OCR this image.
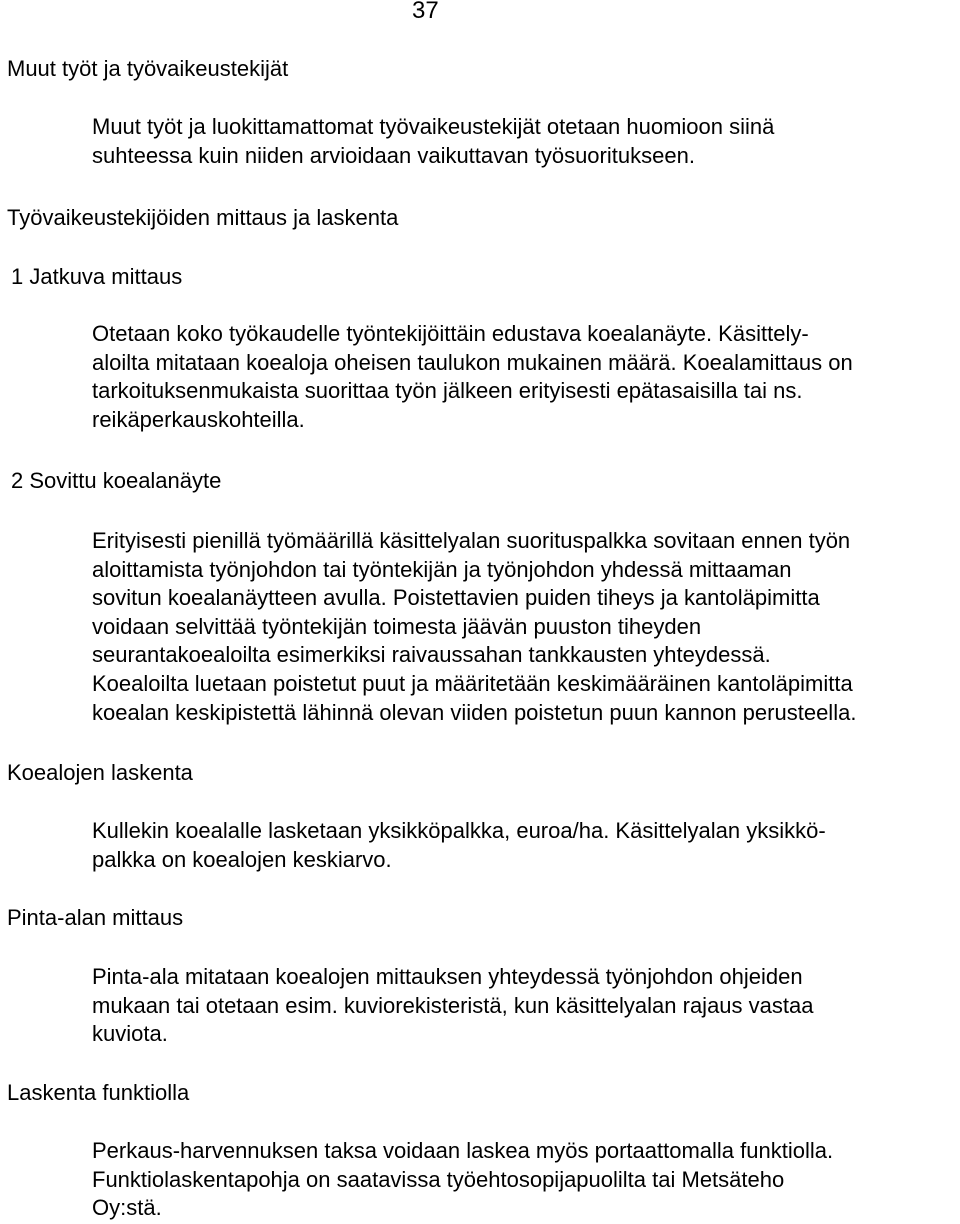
37
Muut työt ja työvaikeustekijät
Muut työt ja luokittamattomat työvaikeustekijät otetaan huomioon siinä
suhteessa kuin niiden arvioidaan vaikuttavan työsuoritukseen.
Työvaikeustekijöiden mittaus ja laskenta
1 Jatkuva mittaus
Otetaan koko työkaudelle työntekijöittäin edustava koealanäyte. Käsittely-
aloilta mitataan koealoja oheisen taulukon mukainen määrä. Koealamittaus on
tarkoituksenmukaista suorittaa työn jälkeen erityisesti epätasaisilla tai ns.
reikäperkauskohteilla.
2 Sovittu koealanäyte
Erityisesti pienillä työmäärillä käsittelyalan suorituspalkka sovitaan ennen työn
aloittamista työnjohdon tai työntekijän ja työnjohdon yhdessä mittaaman
sovitun koealanäytteen avulla. Poistettavien puiden tiheys ja kantoläpimitta
voidaan selvittää työntekijän toimesta jäävän puuston tiheyden
seurantakoealoilta esimerkiksi raivaussahan tankkausten yhteydessä.
Koealoilta luetaan poistetut puut ja määritetään keskimääräinen kantoläpimitta
koealan keskipistettä lähinnä olevan viiden poistetun puun kannon perusteella.
Koealojen laskenta
Kullekin koealalle lasketaan yksikköpalkka, euroa/ha. Käsittelyalan yksikkö-
palkka on koealojen keskiarvo.
Pinta-alan mittaus
Pinta-ala mitataan koealojen mittauksen yhteydessä työnjohdon ohjeiden
mukaan tai otetaan esim. kuviorekisteristä, kun käsittelyalan rajaus vastaa
kuviota.
Laskenta funktiolla
Perkaus-harvennuksen taksa voidaan laskea myös portaattomalla funktiolla.
Funktiolaskentapohja on saatavissa työehtosopijapuolilta tai Metsäteho
Oy:stä.
